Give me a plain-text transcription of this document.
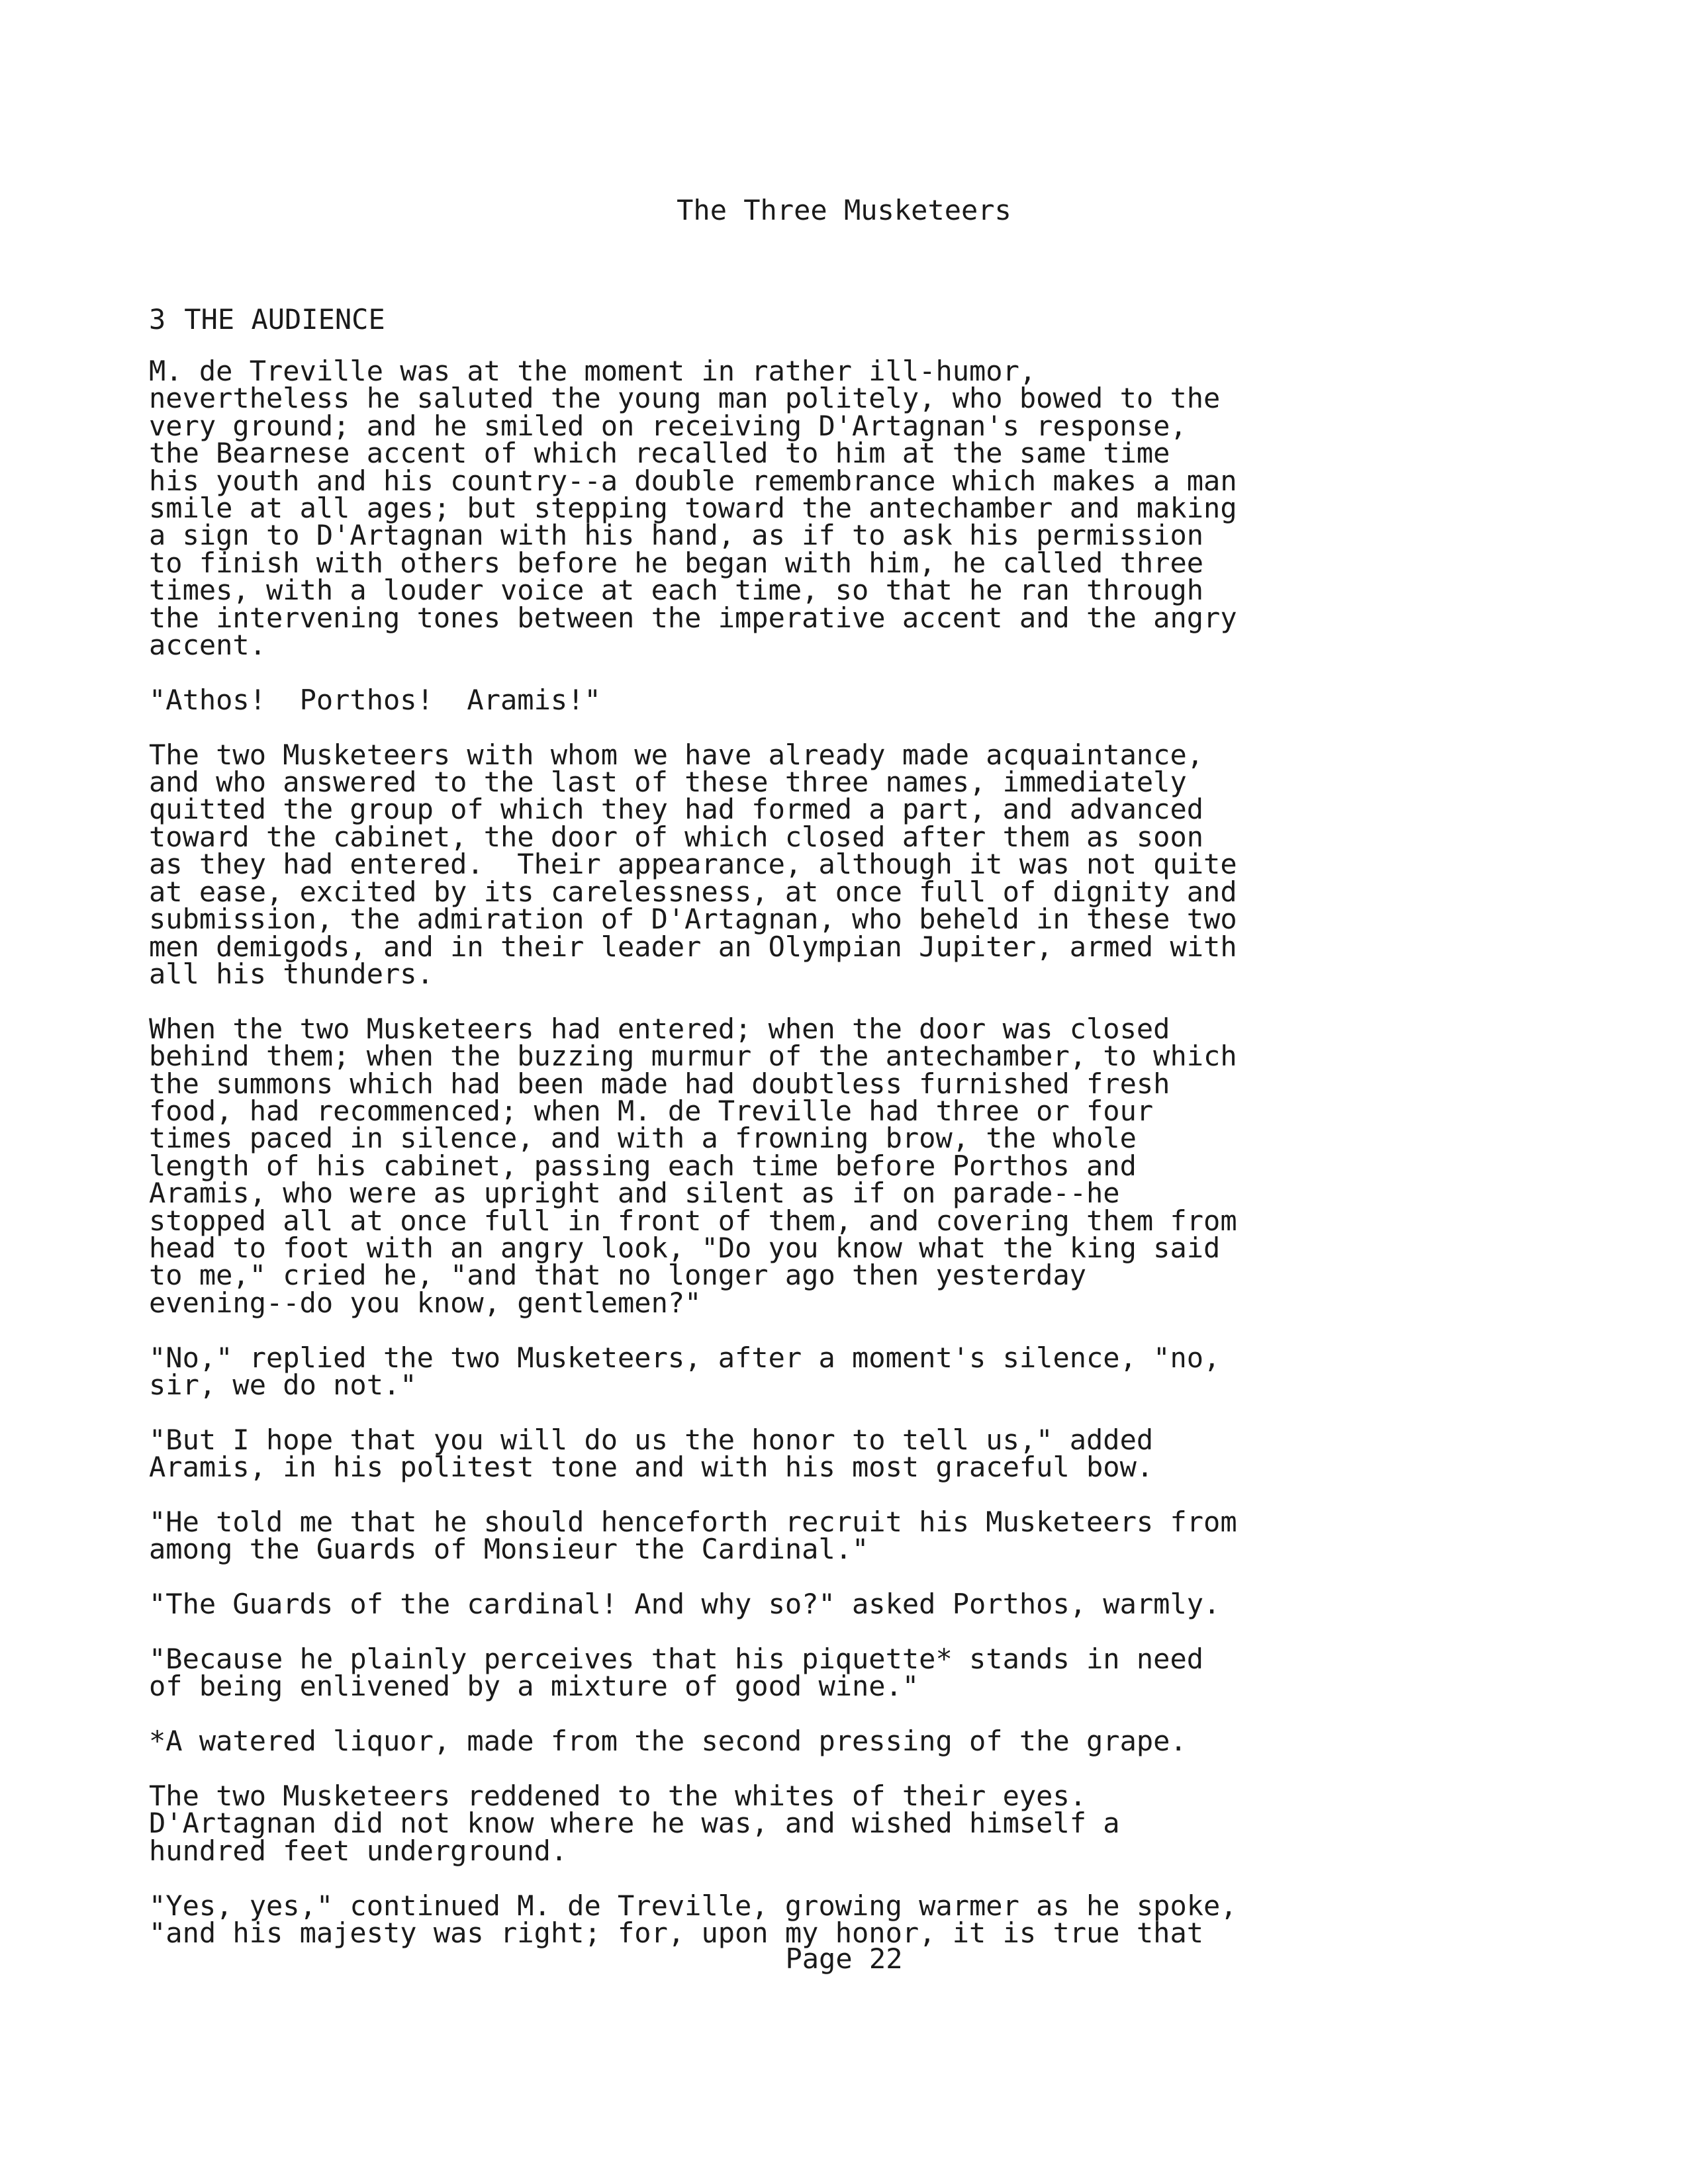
The Three Musketeers
3 THE AUDIENCE
M. de Treville was at the moment in rather ill-humor,
nevertheless he saluted the young man politely, who bowed to the
very ground; and he smiled on receiving D'Artagnan's response,
the Bearnese accent of which recalled to him at the same time
his youth and his country--a double remembrance which makes a man
smile at all ages; but stepping toward the antechamber and making
a sign to D'Artagnan with his hand, as if to ask his permission
to finish with others before he began with him, he called three
times, with a louder voice at each time, so that he ran through
the intervening tones between the imperative accent and the angry
accent.
"Athos!  Porthos!  Aramis!"
The two Musketeers with whom we have already made acquaintance,
and who answered to the last of these three names, immediately
quitted the group of which they had formed a part, and advanced
toward the cabinet, the door of which closed after them as soon
as they had entered.  Their appearance, although it was not quite
at ease, excited by its carelessness, at once full of dignity and
submission, the admiration of D'Artagnan, who beheld in these two
men demigods, and in their leader an Olympian Jupiter, armed with
all his thunders.
When the two Musketeers had entered; when the door was closed
behind them; when the buzzing murmur of the antechamber, to which
the summons which had been made had doubtless furnished fresh
food, had recommenced; when M. de Treville had three or four
times paced in silence, and with a frowning brow, the whole
length of his cabinet, passing each time before Porthos and
Aramis, who were as upright and silent as if on parade--he
stopped all at once full in front of them, and covering them from
head to foot with an angry look, "Do you know what the king said
to me," cried he, "and that no longer ago then yesterday
evening--do you know, gentlemen?"
"No," replied the two Musketeers, after a moment's silence, "no,
sir, we do not."
"But I hope that you will do us the honor to tell us," added
Aramis, in his politest tone and with his most graceful bow.
"He told me that he should henceforth recruit his Musketeers from
among the Guards of Monsieur the Cardinal."
"The Guards of the cardinal! And why so?" asked Porthos, warmly.
"Because he plainly perceives that his piquette* stands in need
of being enlivened by a mixture of good wine."
*A watered liquor, made from the second pressing of the grape.
The two Musketeers reddened to the whites of their eyes.
D'Artagnan did not know where he was, and wished himself a
hundred feet underground.
"Yes, yes," continued M. de Treville, growing warmer as he spoke,
"and his majesty was right; for, upon my honor, it is true that

Page 22
